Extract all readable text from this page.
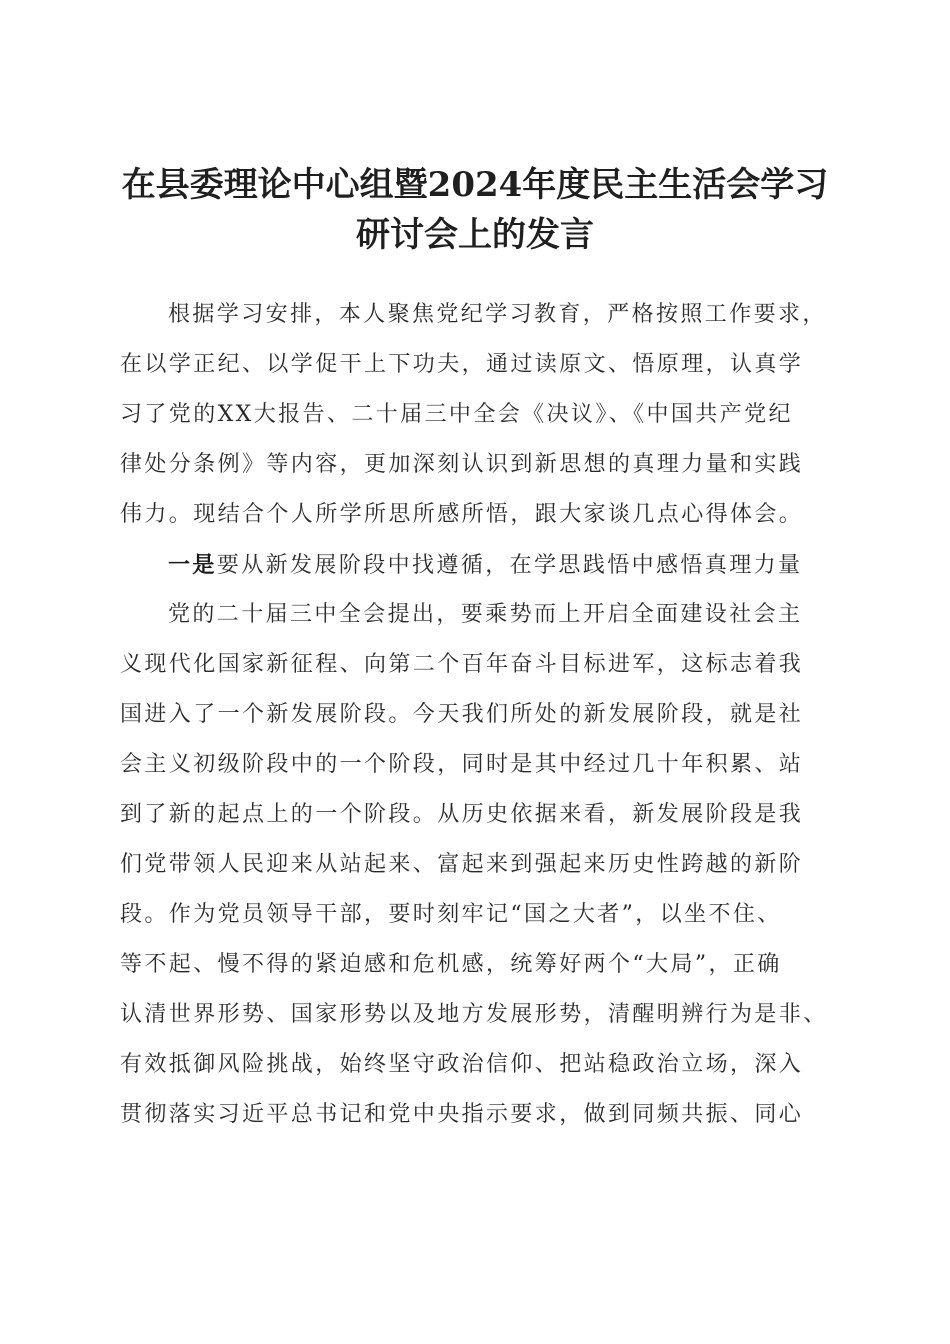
在县委理论中心组暨2024年度民主生活会学习
研讨会上的发言
根据学习安排，本人聚焦党纪学习教育，严格按照工作要求，
在以学正纪、以学促干上下功夫，通过读原文、悟原理，认真学
习了党的XX大报告、二十届三中全会《决议》、《中国共产党纪
律处分条例》等内容，更加深刻认识到新思想的真理力量和实践
伟力。现结合个人所学所思所感所悟，跟大家谈几点心得体会。
一是要从新发展阶段中找遵循，在学思践悟中感悟真理力量
党的二十届三中全会提出，要乘势而上开启全面建设社会主
义现代化国家新征程、向第二个百年奋斗目标进军，这标志着我
国进入了一个新发展阶段。今天我们所处的新发展阶段，就是社
会主义初级阶段中的一个阶段，同时是其中经过几十年积累、站
到了新的起点上的一个阶段。从历史依据来看，新发展阶段是我
们党带领人民迎来从站起来、富起来到强起来历史性跨越的新阶
段。作为党员领导干部，要时刻牢记“国之大者”，以坐不住、
等不起、慢不得的紧迫感和危机感，统筹好两个“大局”，正确
认清世界形势、国家形势以及地方发展形势，清醒明辨行为是非、
有效抵御风险挑战，始终坚守政治信仰、把站稳政治立场，深入
贯彻落实习近平总书记和党中央指示要求，做到同频共振、同心
